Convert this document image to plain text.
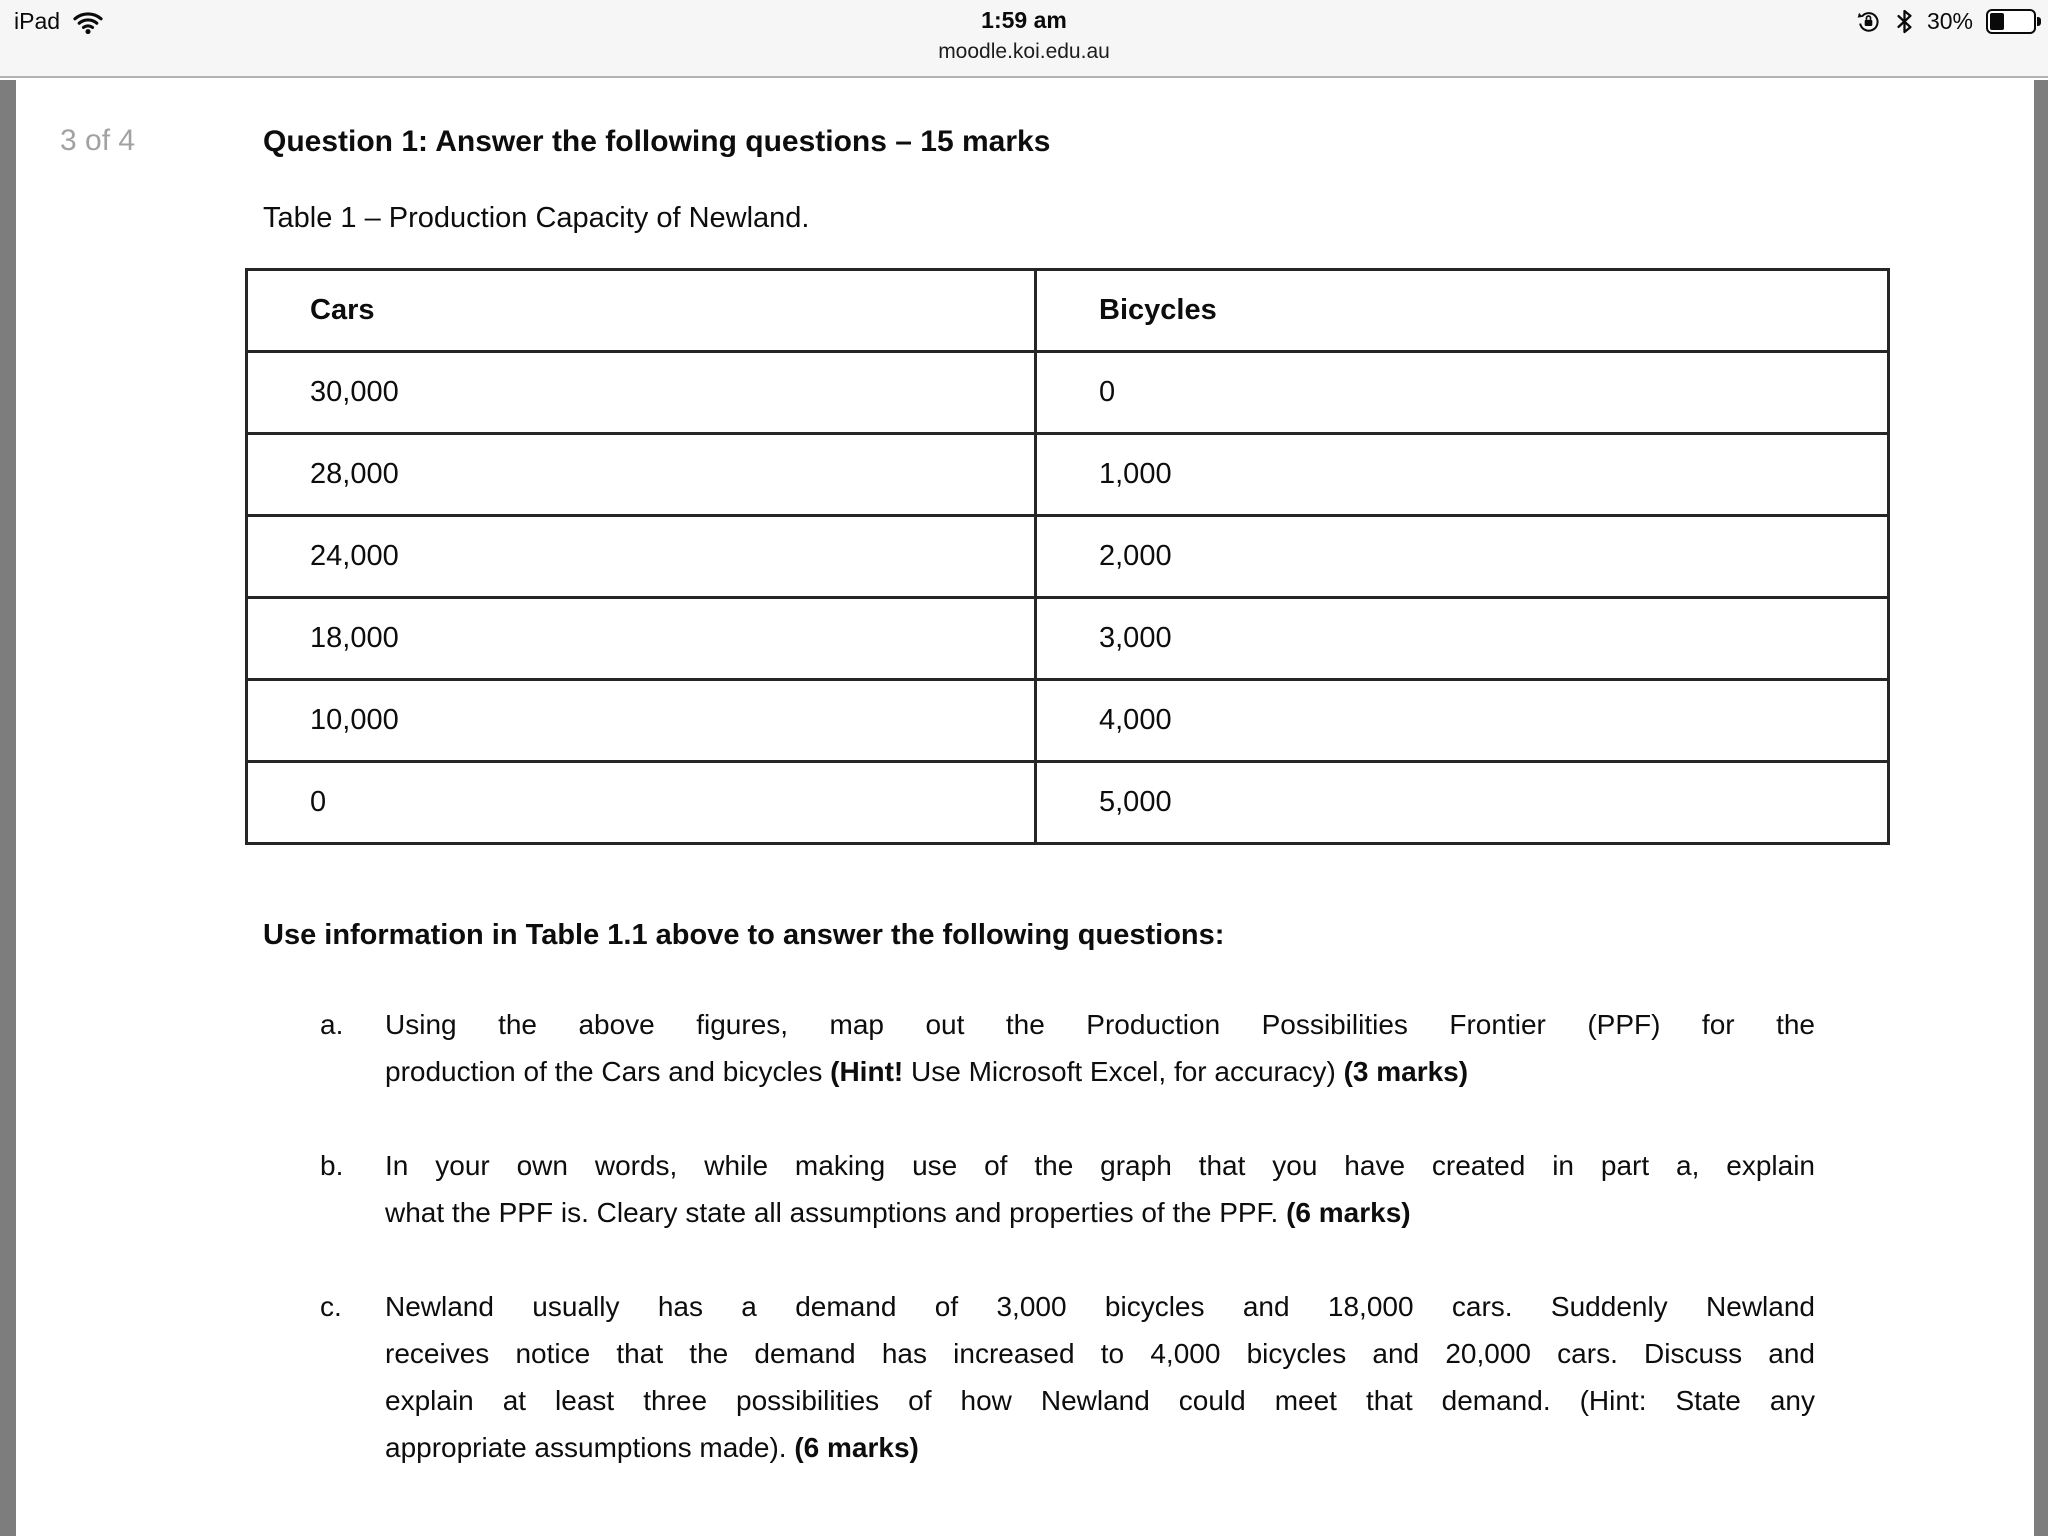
iPad	1:59 am
moodle.koi.edu.au
30%
3 of 4	Question 1: Answer the following questions – 15 marks

Table 1 – Production Capacity of Newland.

Cars	Bicycles
30,000	0
28,000	1,000
24,000	2,000
18,000	3,000
10,000	4,000
0	5,000

Use information in Table 1.1 above to answer the following questions:

a. Using the above figures, map out the Production Possibilities Frontier (PPF) for the
production of the Cars and bicycles (Hint! Use Microsoft Excel, for accuracy) (3 marks)
b. In your own words, while making use of the graph that you have created in part a, explain
what the PPF is. Cleary state all assumptions and properties of the PPF. (6 marks)
c. Newland usually has a demand of 3,000 bicycles and 18,000 cars. Suddenly Newland
receives notice that the demand has increased to 4,000 bicycles and 20,000 cars. Discuss and
explain at least three possibilities of how Newland could meet that demand. (Hint: State any
appropriate assumptions made). (6 marks)
